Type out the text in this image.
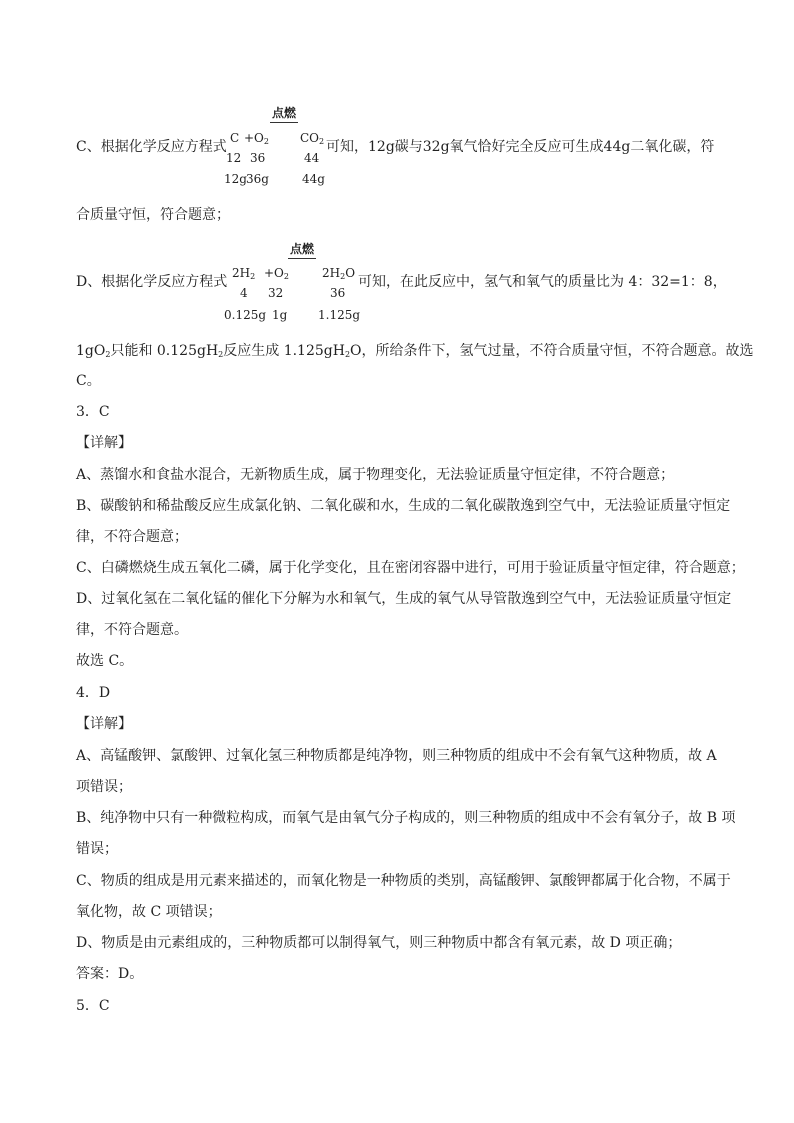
点燃
C、根据化学反应方程式
$C +O_2$	$CO_2$
12 36	44
12g 36g	44g
可知，12g碳与32g氧气恰好完全反应可生成44g二氧化碳，符
合质量守恒，符合题意；
点燃
D、根据化学反应方程式
$2H_2 +O_2$	$2H_2O$
4 32	36
0.125g 1g	1.125g
可知，在此反应中，氢气和氧气的质量比为 4：32=1：8，
$1gO_2$只能和 $0.125gH_2$反应生成 $1.125gH_2O$，所给条件下，氢气过量，不符合质量守恒，不符合题意。故选
C。
3．C
【详解】
A、蒸馏水和食盐水混合，无新物质生成，属于物理变化，无法验证质量守恒定律，不符合题意；
B、碳酸钠和稀盐酸反应生成氯化钠、二氧化碳和水，生成的二氧化碳散逸到空气中，无法验证质量守恒定
律，不符合题意；
C、白磷燃烧生成五氧化二磷，属于化学变化，且在密闭容器中进行，可用于验证质量守恒定律，符合题意；
D、过氧化氢在二氧化锰的催化下分解为水和氧气，生成的氧气从导管散逸到空气中，无法验证质量守恒定
律，不符合题意。
故选 C。
4．D
【详解】
A、高锰酸钾、氯酸钾、过氧化氢三种物质都是纯净物，则三种物质的组成中不会有氧气这种物质，故 A
项错误；
B、纯净物中只有一种微粒构成，而氧气是由氧气分子构成的，则三种物质的组成中不会有氧分子，故 B 项
错误；
C、物质的组成是用元素来描述的，而氧化物是一种物质的类别，高锰酸钾、氯酸钾都属于化合物，不属于
氧化物，故 C 项错误；
D、物质是由元素组成的，三种物质都可以制得氧气，则三种物质中都含有氧元素，故 D 项正确；
答案：D。
5．C
